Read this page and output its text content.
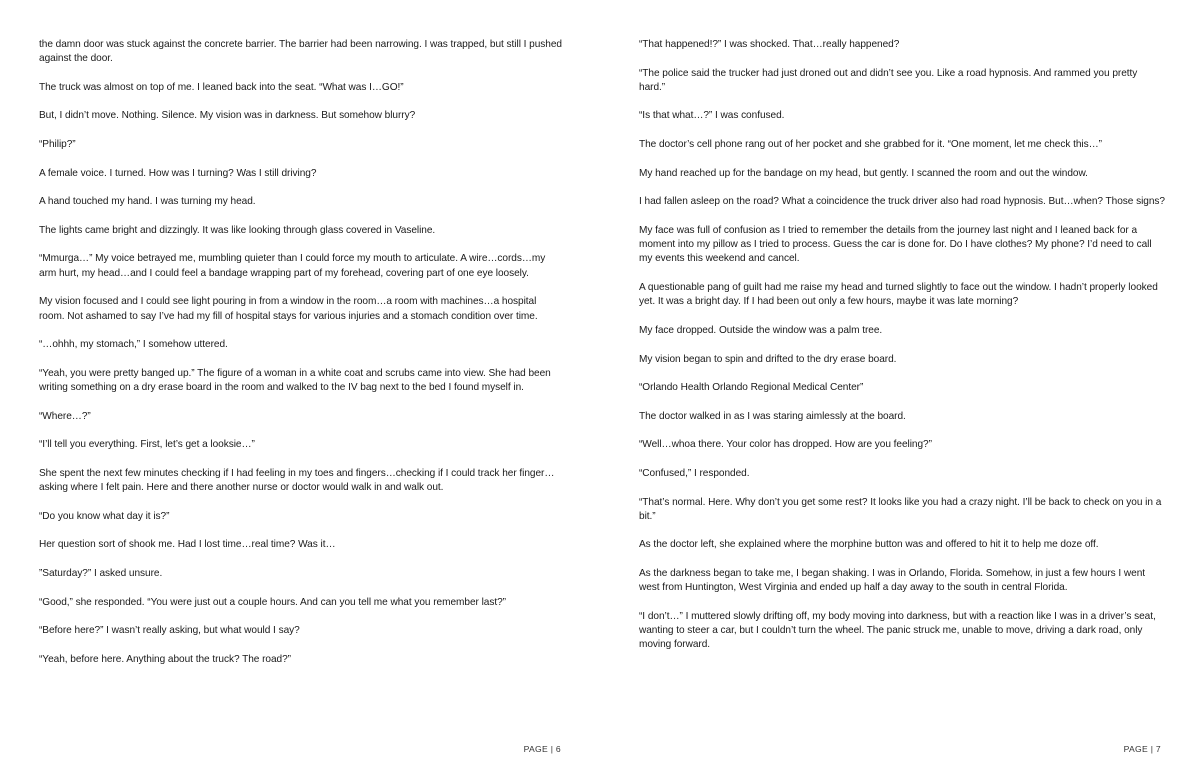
the damn door was stuck against the concrete barrier. The barrier had been narrowing. I was trapped, but still I pushed against the door.

The truck was almost on top of me. I leaned back into the seat. “What was I…GO!”

But, I didn’t move. Nothing. Silence. My vision was in darkness. But somehow blurry?

“Philip?”

A female voice. I turned. How was I turning? Was I still driving?

A hand touched my hand. I was turning my head.

The lights came bright and dizzingly. It was like looking through glass covered in Vaseline.

“Mmurga…” My voice betrayed me, mumbling quieter than I could force my mouth to articulate. A wire…cords…my arm hurt, my head…and I could feel a bandage wrapping part of my forehead, covering part of one eye loosely.

My vision focused and I could see light pouring in from a window in the room…a room with machines…a hospital room. Not ashamed to say I’ve had my fill of hospital stays for various injuries and a stomach condition over time.

“…ohhh, my stomach,” I somehow uttered.

“Yeah, you were pretty banged up.” The figure of a woman in a white coat and scrubs came into view. She had been writing something on a dry erase board in the room and walked to the IV bag next to the bed I found myself in.

“Where…?”

“I’ll tell you everything. First, let’s get a looksie…”

She spent the next few minutes checking if I had feeling in my toes and fingers…checking if I could track her finger…asking where I felt pain. Here and there another nurse or doctor would walk in and walk out.

“Do you know what day it is?”

Her question sort of shook me. Had I lost time…real time? Was it…

”Saturday?” I asked unsure.

“Good,” she responded. “You were just out a couple hours. And can you tell me what you remember last?”

“Before here?” I wasn’t really asking, but what would I say?

“Yeah, before here. Anything about the truck? The road?”

PAGE | 6

“That happened!?” I was shocked. That…really happened?

“The police said the trucker had just droned out and didn’t see you. Like a road hypnosis. And rammed you pretty hard.”

“Is that what…?” I was confused.

The doctor’s cell phone rang out of her pocket and she grabbed for it. “One moment, let me check this…”

My hand reached up for the bandage on my head, but gently. I scanned the room and out the window.

I had fallen asleep on the road? What a coincidence the truck driver also had road hypnosis. But…when? Those signs?

My face was full of confusion as I tried to remember the details from the journey last night and I leaned back for a moment into my pillow as I tried to process. Guess the car is done for. Do I have clothes? My phone? I’d need to call my events this weekend and cancel.

A questionable pang of guilt had me raise my head and turned slightly to face out the window. I hadn’t properly looked yet. It was a bright day. If I had been out only a few hours, maybe it was late morning?

My face dropped. Outside the window was a palm tree.

My vision began to spin and drifted to the dry erase board.

“Orlando Health Orlando Regional Medical Center”

The doctor walked in as I was staring aimlessly at the board.

“Well…whoa there. Your color has dropped. How are you feeling?”

“Confused,” I responded.

“That’s normal. Here. Why don’t you get some rest? It looks like you had a crazy night. I’ll be back to check on you in a bit.”

As the doctor left, she explained where the morphine button was and offered to hit it to help me doze off.

As the darkness began to take me, I began shaking. I was in Orlando, Florida. Somehow, in just a few hours I went west from Huntington, West Virginia and ended up half a day away to the south in central Florida.

“I don’t…” I muttered slowly drifting off, my body moving into darkness, but with a reaction like I was in a driver’s seat, wanting to steer a car, but I couldn’t turn the wheel. The panic struck me, unable to move, driving a dark road, only moving forward.

PAGE | 7
